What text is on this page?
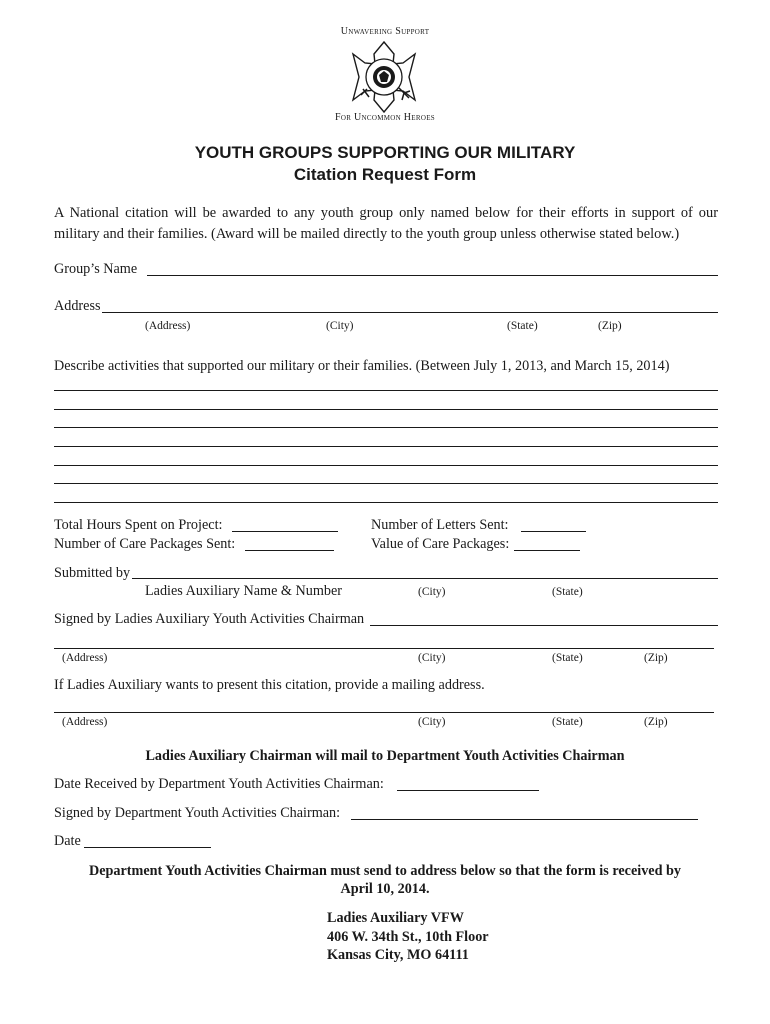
Unwavering Support
For Uncommon Heroes
YOUTH GROUPS SUPPORTING OUR MILITARY
Citation Request Form
A National citation will be awarded to any youth group only named below for their efforts in support of our military and their families. (Award will be mailed directly to the youth group unless otherwise stated below.)
Group’s Name
Address
(Address)	(City)	(State)	(Zip)
Describe activities that supported our military or their families. (Between July 1, 2013, and March 15, 2014)
Total Hours Spent on Project:	Number of Letters Sent:
Number of Care Packages Sent:	Value of Care Packages:
Submitted by
Ladies Auxiliary Name & Number	(City)	(State)
Signed by Ladies Auxiliary Youth Activities Chairman
(Address)	(City)	(State)	(Zip)
If Ladies Auxiliary wants to present this citation, provide a mailing address.
(Address)	(City)	(State)	(Zip)
Ladies Auxiliary Chairman will mail to Department Youth Activities Chairman
Date Received by Department Youth Activities Chairman:
Signed by Department Youth Activities Chairman:
Date
Department Youth Activities Chairman must send to address below so that the form is received by
April 10, 2014.
Ladies Auxiliary VFW
406 W. 34th St., 10th Floor
Kansas City, MO 64111
